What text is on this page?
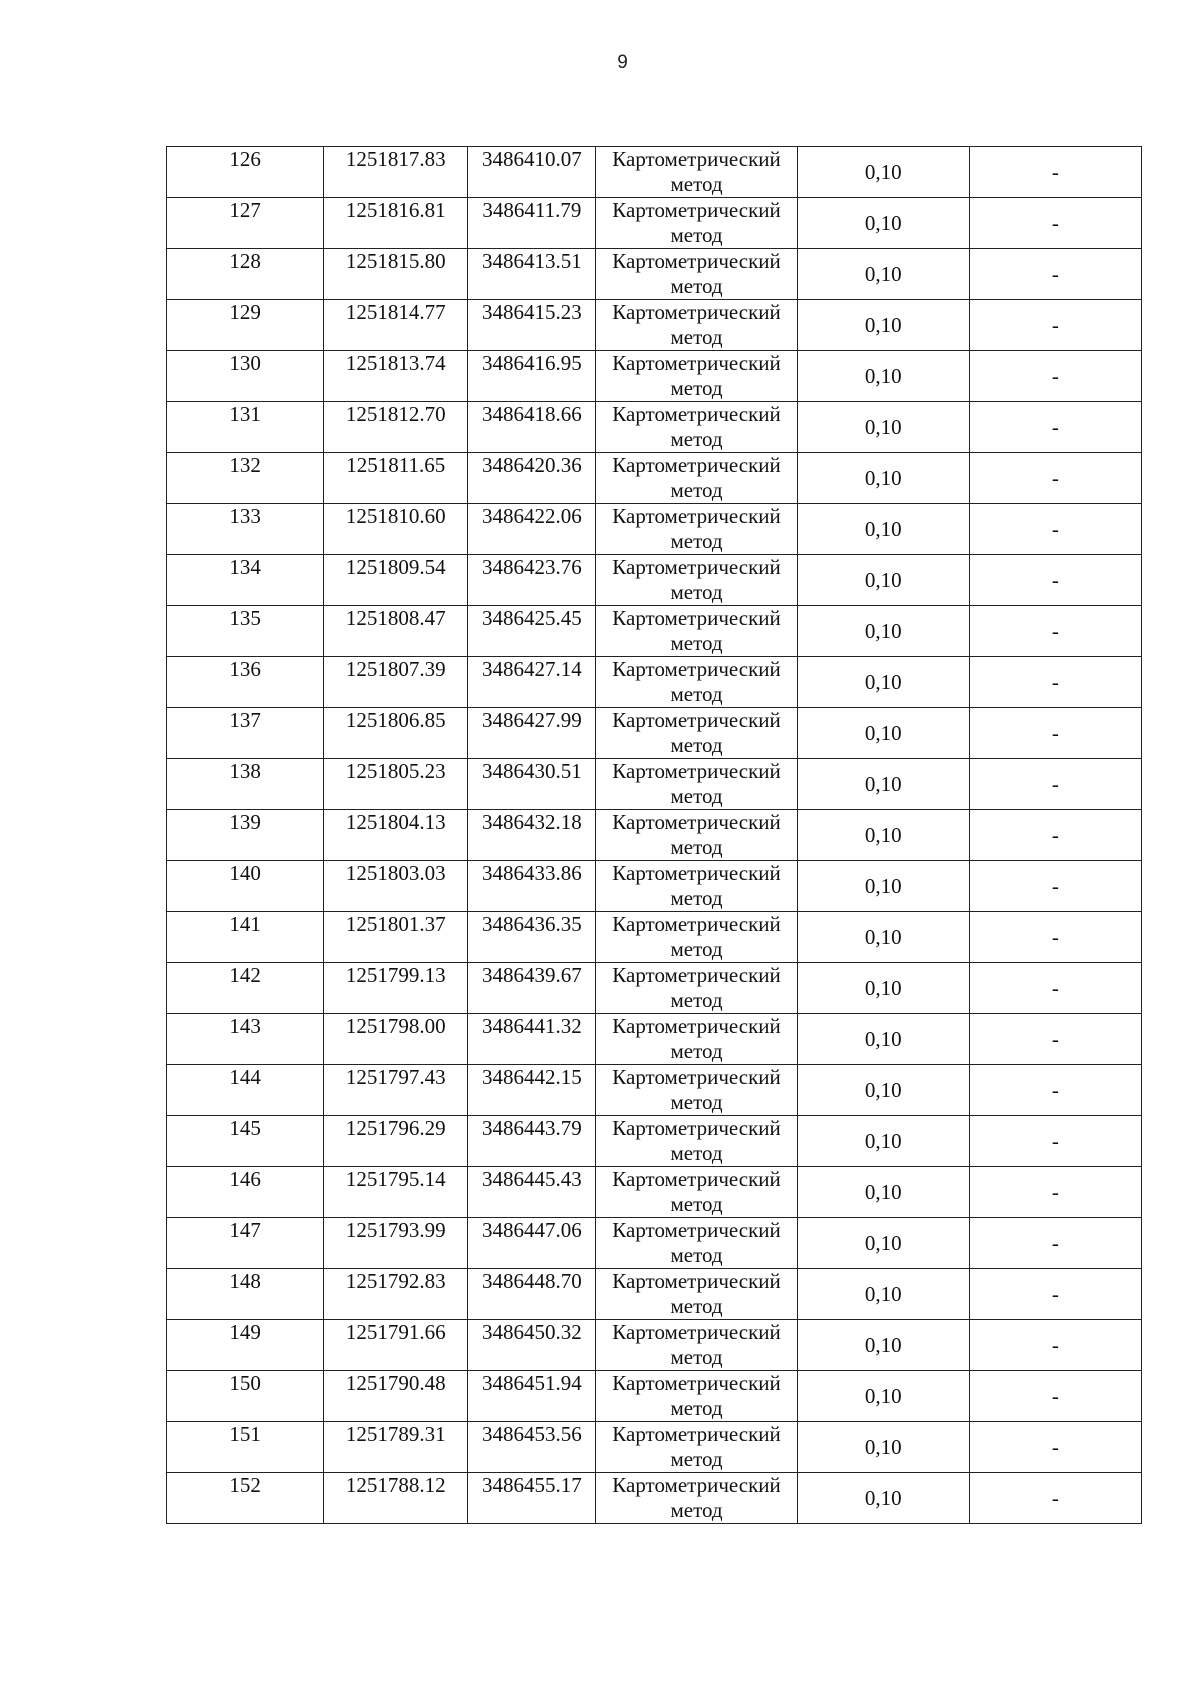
9
126	1251817.83	3486410.07	Картометрический метод	0,10	-
127	1251816.81	3486411.79	Картометрический метод	0,10	-
128	1251815.80	3486413.51	Картометрический метод	0,10	-
129	1251814.77	3486415.23	Картометрический метод	0,10	-
130	1251813.74	3486416.95	Картометрический метод	0,10	-
131	1251812.70	3486418.66	Картометрический метод	0,10	-
132	1251811.65	3486420.36	Картометрический метод	0,10	-
133	1251810.60	3486422.06	Картометрический метод	0,10	-
134	1251809.54	3486423.76	Картометрический метод	0,10	-
135	1251808.47	3486425.45	Картометрический метод	0,10	-
136	1251807.39	3486427.14	Картометрический метод	0,10	-
137	1251806.85	3486427.99	Картометрический метод	0,10	-
138	1251805.23	3486430.51	Картометрический метод	0,10	-
139	1251804.13	3486432.18	Картометрический метод	0,10	-
140	1251803.03	3486433.86	Картометрический метод	0,10	-
141	1251801.37	3486436.35	Картометрический метод	0,10	-
142	1251799.13	3486439.67	Картометрический метод	0,10	-
143	1251798.00	3486441.32	Картометрический метод	0,10	-
144	1251797.43	3486442.15	Картометрический метод	0,10	-
145	1251796.29	3486443.79	Картометрический метод	0,10	-
146	1251795.14	3486445.43	Картометрический метод	0,10	-
147	1251793.99	3486447.06	Картометрический метод	0,10	-
148	1251792.83	3486448.70	Картометрический метод	0,10	-
149	1251791.66	3486450.32	Картометрический метод	0,10	-
150	1251790.48	3486451.94	Картометрический метод	0,10	-
151	1251789.31	3486453.56	Картометрический метод	0,10	-
152	1251788.12	3486455.17	Картометрический метод	0,10	-
